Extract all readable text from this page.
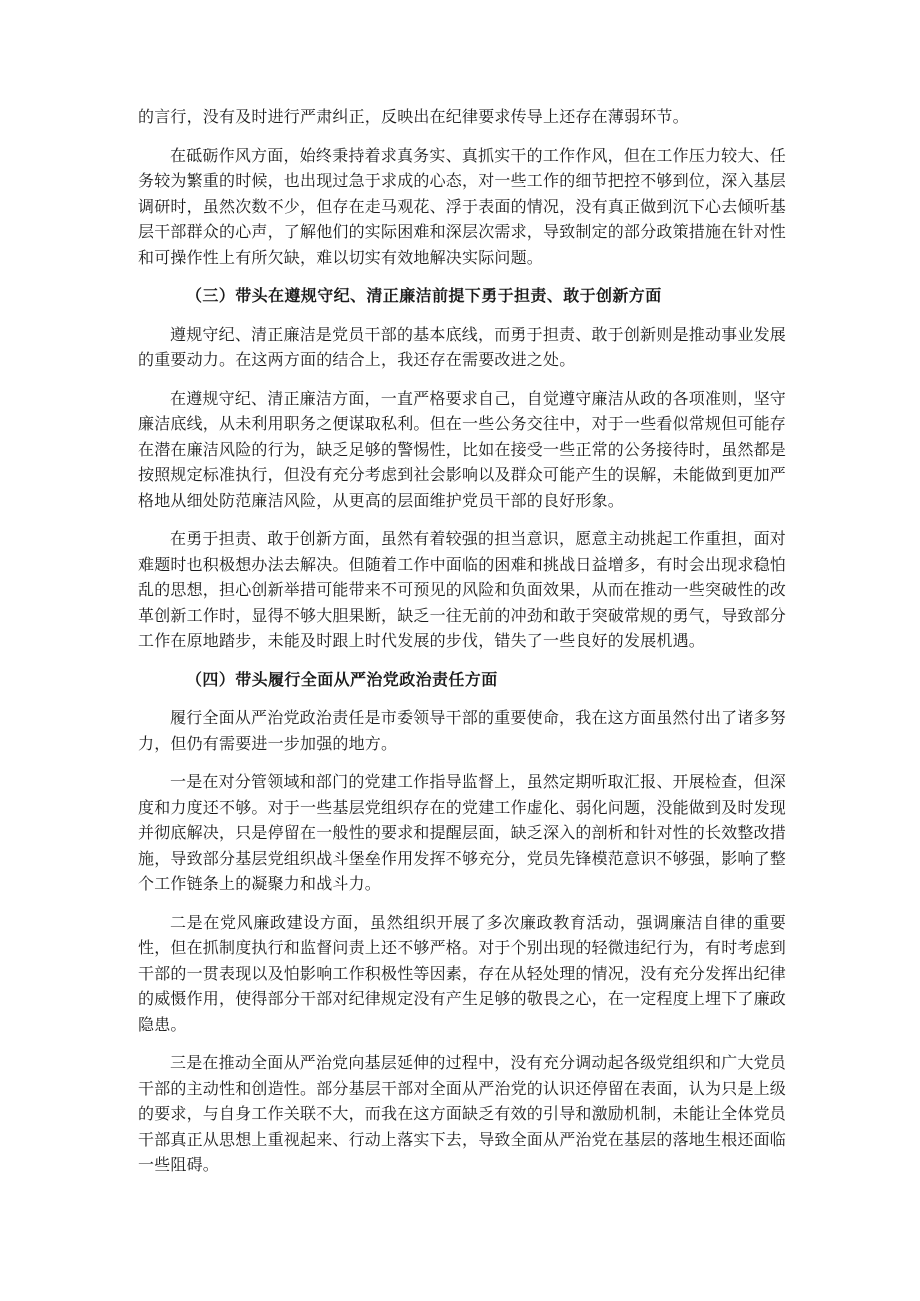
的言行，没有及时进行严肃纠正，反映出在纪律要求传导上还存在薄弱环节。

在砥砺作风方面，始终秉持着求真务实、真抓实干的工作作风，但在工作压力较大、任务较为繁重的时候，也出现过急于求成的心态，对一些工作的细节把控不够到位，深入基层调研时，虽然次数不少，但存在走马观花、浮于表面的情况，没有真正做到沉下心去倾听基层干部群众的心声，了解他们的实际困难和深层次需求，导致制定的部分政策措施在针对性和可操作性上有所欠缺，难以切实有效地解决实际问题。

（三）带头在遵规守纪、清正廉洁前提下勇于担责、敢于创新方面

遵规守纪、清正廉洁是党员干部的基本底线，而勇于担责、敢于创新则是推动事业发展的重要动力。在这两方面的结合上，我还存在需要改进之处。

在遵规守纪、清正廉洁方面，一直严格要求自己，自觉遵守廉洁从政的各项准则，坚守廉洁底线，从未利用职务之便谋取私利。但在一些公务交往中，对于一些看似常规但可能存在潜在廉洁风险的行为，缺乏足够的警惕性，比如在接受一些正常的公务接待时，虽然都是按照规定标准执行，但没有充分考虑到社会影响以及群众可能产生的误解，未能做到更加严格地从细处防范廉洁风险，从更高的层面维护党员干部的良好形象。

在勇于担责、敢于创新方面，虽然有着较强的担当意识，愿意主动挑起工作重担，面对难题时也积极想办法去解决。但随着工作中面临的困难和挑战日益增多，有时会出现求稳怕乱的思想，担心创新举措可能带来不可预见的风险和负面效果，从而在推动一些突破性的改革创新工作时，显得不够大胆果断，缺乏一往无前的冲劲和敢于突破常规的勇气，导致部分工作在原地踏步，未能及时跟上时代发展的步伐，错失了一些良好的发展机遇。

（四）带头履行全面从严治党政治责任方面

履行全面从严治党政治责任是市委领导干部的重要使命，我在这方面虽然付出了诸多努力，但仍有需要进一步加强的地方。

一是在对分管领域和部门的党建工作指导监督上，虽然定期听取汇报、开展检查，但深度和力度还不够。对于一些基层党组织存在的党建工作虚化、弱化问题，没能做到及时发现并彻底解决，只是停留在一般性的要求和提醒层面，缺乏深入的剖析和针对性的长效整改措施，导致部分基层党组织战斗堡垒作用发挥不够充分，党员先锋模范意识不够强，影响了整个工作链条上的凝聚力和战斗力。

二是在党风廉政建设方面，虽然组织开展了多次廉政教育活动，强调廉洁自律的重要性，但在抓制度执行和监督问责上还不够严格。对于个别出现的轻微违纪行为，有时考虑到干部的一贯表现以及怕影响工作积极性等因素，存在从轻处理的情况，没有充分发挥出纪律的威慑作用，使得部分干部对纪律规定没有产生足够的敬畏之心，在一定程度上埋下了廉政隐患。

三是在推动全面从严治党向基层延伸的过程中，没有充分调动起各级党组织和广大党员干部的主动性和创造性。部分基层干部对全面从严治党的认识还停留在表面，认为只是上级的要求，与自身工作关联不大，而我在这方面缺乏有效的引导和激励机制，未能让全体党员干部真正从思想上重视起来、行动上落实下去，导致全面从严治党在基层的落地生根还面临一些阻碍。
